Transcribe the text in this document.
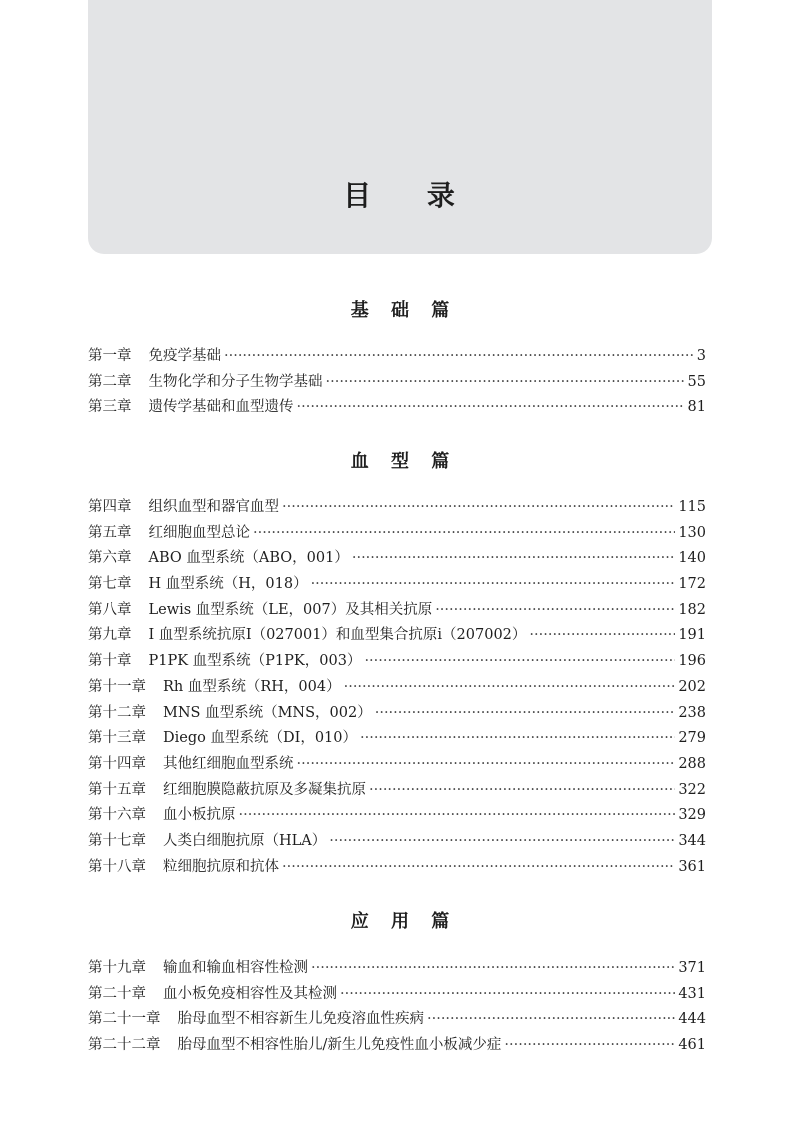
目 录
基 础 篇
第一章 免疫学基础 ·····	3
第二章 生物化学和分子生物学基础 ·····	55
第三章 遗传学基础和血型遗传 ·····	81
血 型 篇
第四章 组织血型和器官血型 ·····	115
第五章 红细胞血型总论 ·····	130
第六章 ABO 血型系统（ABO，001） ·····	140
第七章 H 血型系统（H，018） ·····	172
第八章 Lewis 血型系统（LE，007）及其相关抗原 ·····	182
第九章 I 血型系统抗原I（027001）和血型集合抗原i（207002） ·····	191
第十章 P1PK 血型系统（P1PK，003） ·····	196
第十一章 Rh 血型系统（RH，004） ·····	202
第十二章 MNS 血型系统（MNS，002） ·····	238
第十三章 Diego 血型系统（DI，010） ·····	279
第十四章 其他红细胞血型系统 ·····	288
第十五章 红细胞膜隐蔽抗原及多凝集抗原 ·····	322
第十六章 血小板抗原 ·····	329
第十七章 人类白细胞抗原（HLA） ·····	344
第十八章 粒细胞抗原和抗体 ·····	361
应 用 篇
第十九章 输血和输血相容性检测 ·····	371
第二十章 血小板免疫相容性及其检测 ·····	431
第二十一章 胎母血型不相容新生儿免疫溶血性疾病 ·····	444
第二十二章 胎母血型不相容性胎儿/新生儿免疫性血小板减少症 ·····	461
